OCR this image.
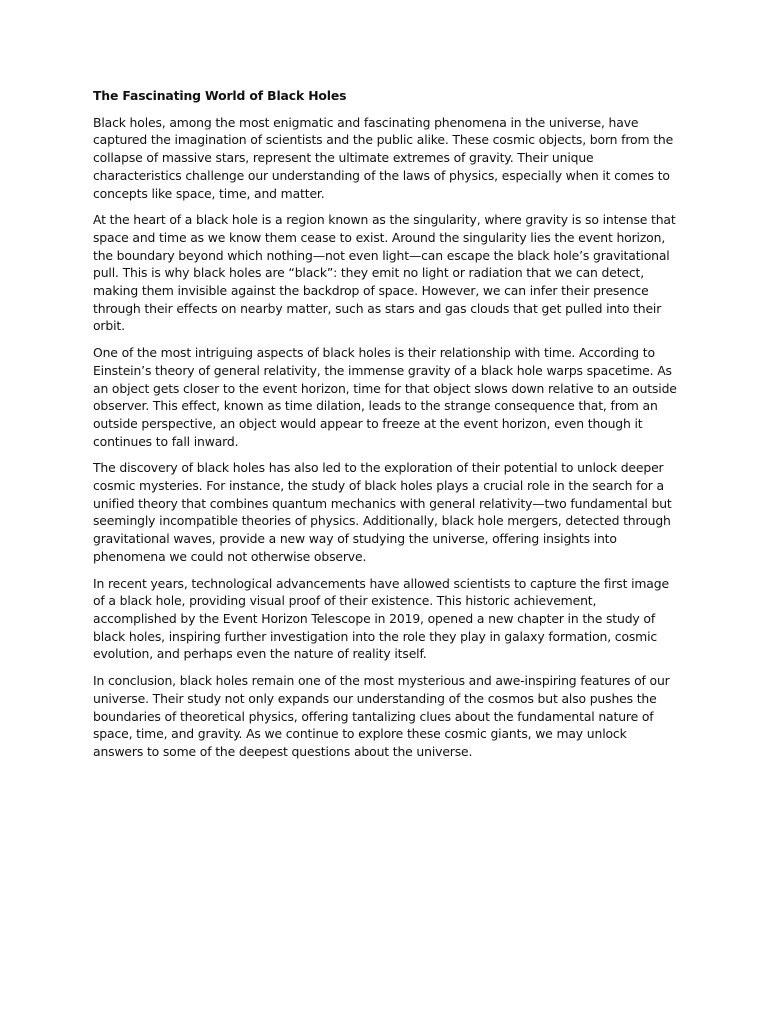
The Fascinating World of Black Holes

Black holes, among the most enigmatic and fascinating phenomena in the universe, have captured the imagination of scientists and the public alike. These cosmic objects, born from the collapse of massive stars, represent the ultimate extremes of gravity. Their unique characteristics challenge our understanding of the laws of physics, especially when it comes to concepts like space, time, and matter.

At the heart of a black hole is a region known as the singularity, where gravity is so intense that space and time as we know them cease to exist. Around the singularity lies the event horizon, the boundary beyond which nothing—not even light—can escape the black hole’s gravitational pull. This is why black holes are “black”: they emit no light or radiation that we can detect, making them invisible against the backdrop of space. However, we can infer their presence through their effects on nearby matter, such as stars and gas clouds that get pulled into their orbit.

One of the most intriguing aspects of black holes is their relationship with time. According to Einstein’s theory of general relativity, the immense gravity of a black hole warps spacetime. As an object gets closer to the event horizon, time for that object slows down relative to an outside observer. This effect, known as time dilation, leads to the strange consequence that, from an outside perspective, an object would appear to freeze at the event horizon, even though it continues to fall inward.

The discovery of black holes has also led to the exploration of their potential to unlock deeper cosmic mysteries. For instance, the study of black holes plays a crucial role in the search for a unified theory that combines quantum mechanics with general relativity—two fundamental but seemingly incompatible theories of physics. Additionally, black hole mergers, detected through gravitational waves, provide a new way of studying the universe, offering insights into phenomena we could not otherwise observe.

In recent years, technological advancements have allowed scientists to capture the first image of a black hole, providing visual proof of their existence. This historic achievement, accomplished by the Event Horizon Telescope in 2019, opened a new chapter in the study of black holes, inspiring further investigation into the role they play in galaxy formation, cosmic evolution, and perhaps even the nature of reality itself.

In conclusion, black holes remain one of the most mysterious and awe-inspiring features of our universe. Their study not only expands our understanding of the cosmos but also pushes the boundaries of theoretical physics, offering tantalizing clues about the fundamental nature of space, time, and gravity. As we continue to explore these cosmic giants, we may unlock answers to some of the deepest questions about the universe.
